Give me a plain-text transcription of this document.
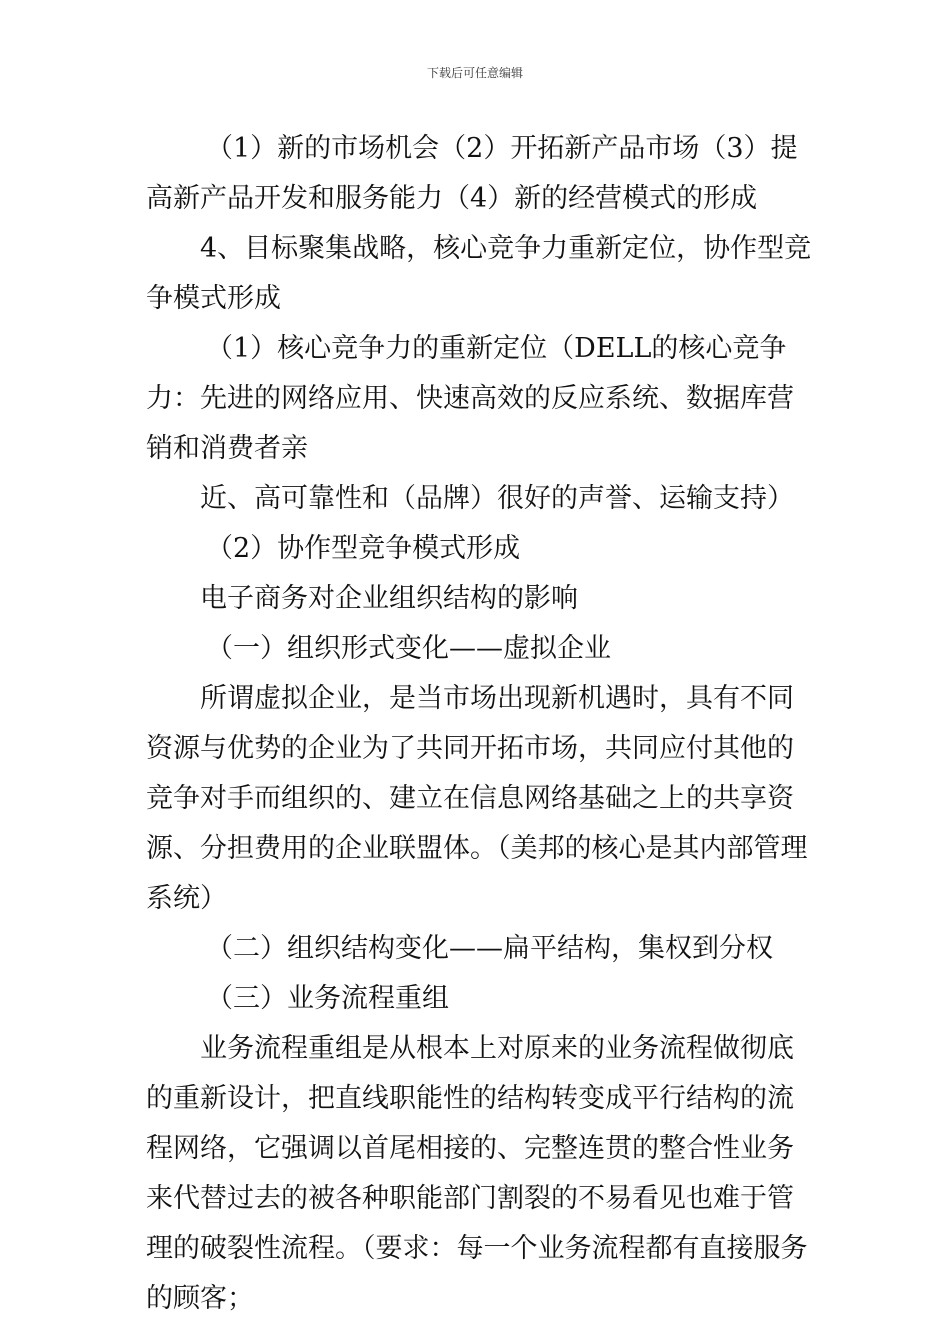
下载后可任意编辑

（1）新的市场机会（2）开拓新产品市场（3）提高新产品开发和服务能力（4）新的经营模式的形成

4、目标聚集战略，核心竞争力重新定位，协作型竞争模式形成

（1）核心竞争力的重新定位（DELL的核心竞争力：先进的网络应用、快速高效的反应系统、数据库营销和消费者亲

近、高可靠性和（品牌）很好的声誉、运输支持）

（2）协作型竞争模式形成

电子商务对企业组织结构的影响

（一）组织形式变化——虚拟企业

所谓虚拟企业，是当市场出现新机遇时，具有不同资源与优势的企业为了共同开拓市场，共同应付其他的竞争对手而组织的、建立在信息网络基础之上的共享资源、分担费用的企业联盟体。（美邦的核心是其内部管理系统）

（二）组织结构变化——扁平结构，集权到分权

（三）业务流程重组

业务流程重组是从根本上对原来的业务流程做彻底的重新设计，把直线职能性的结构转变成平行结构的流程网络，它强调以首尾相接的、完整连贯的整合性业务来代替过去的被各种职能部门割裂的不易看见也难于管理的破裂性流程。（要求：每一个业务流程都有直接服务的顾客；
